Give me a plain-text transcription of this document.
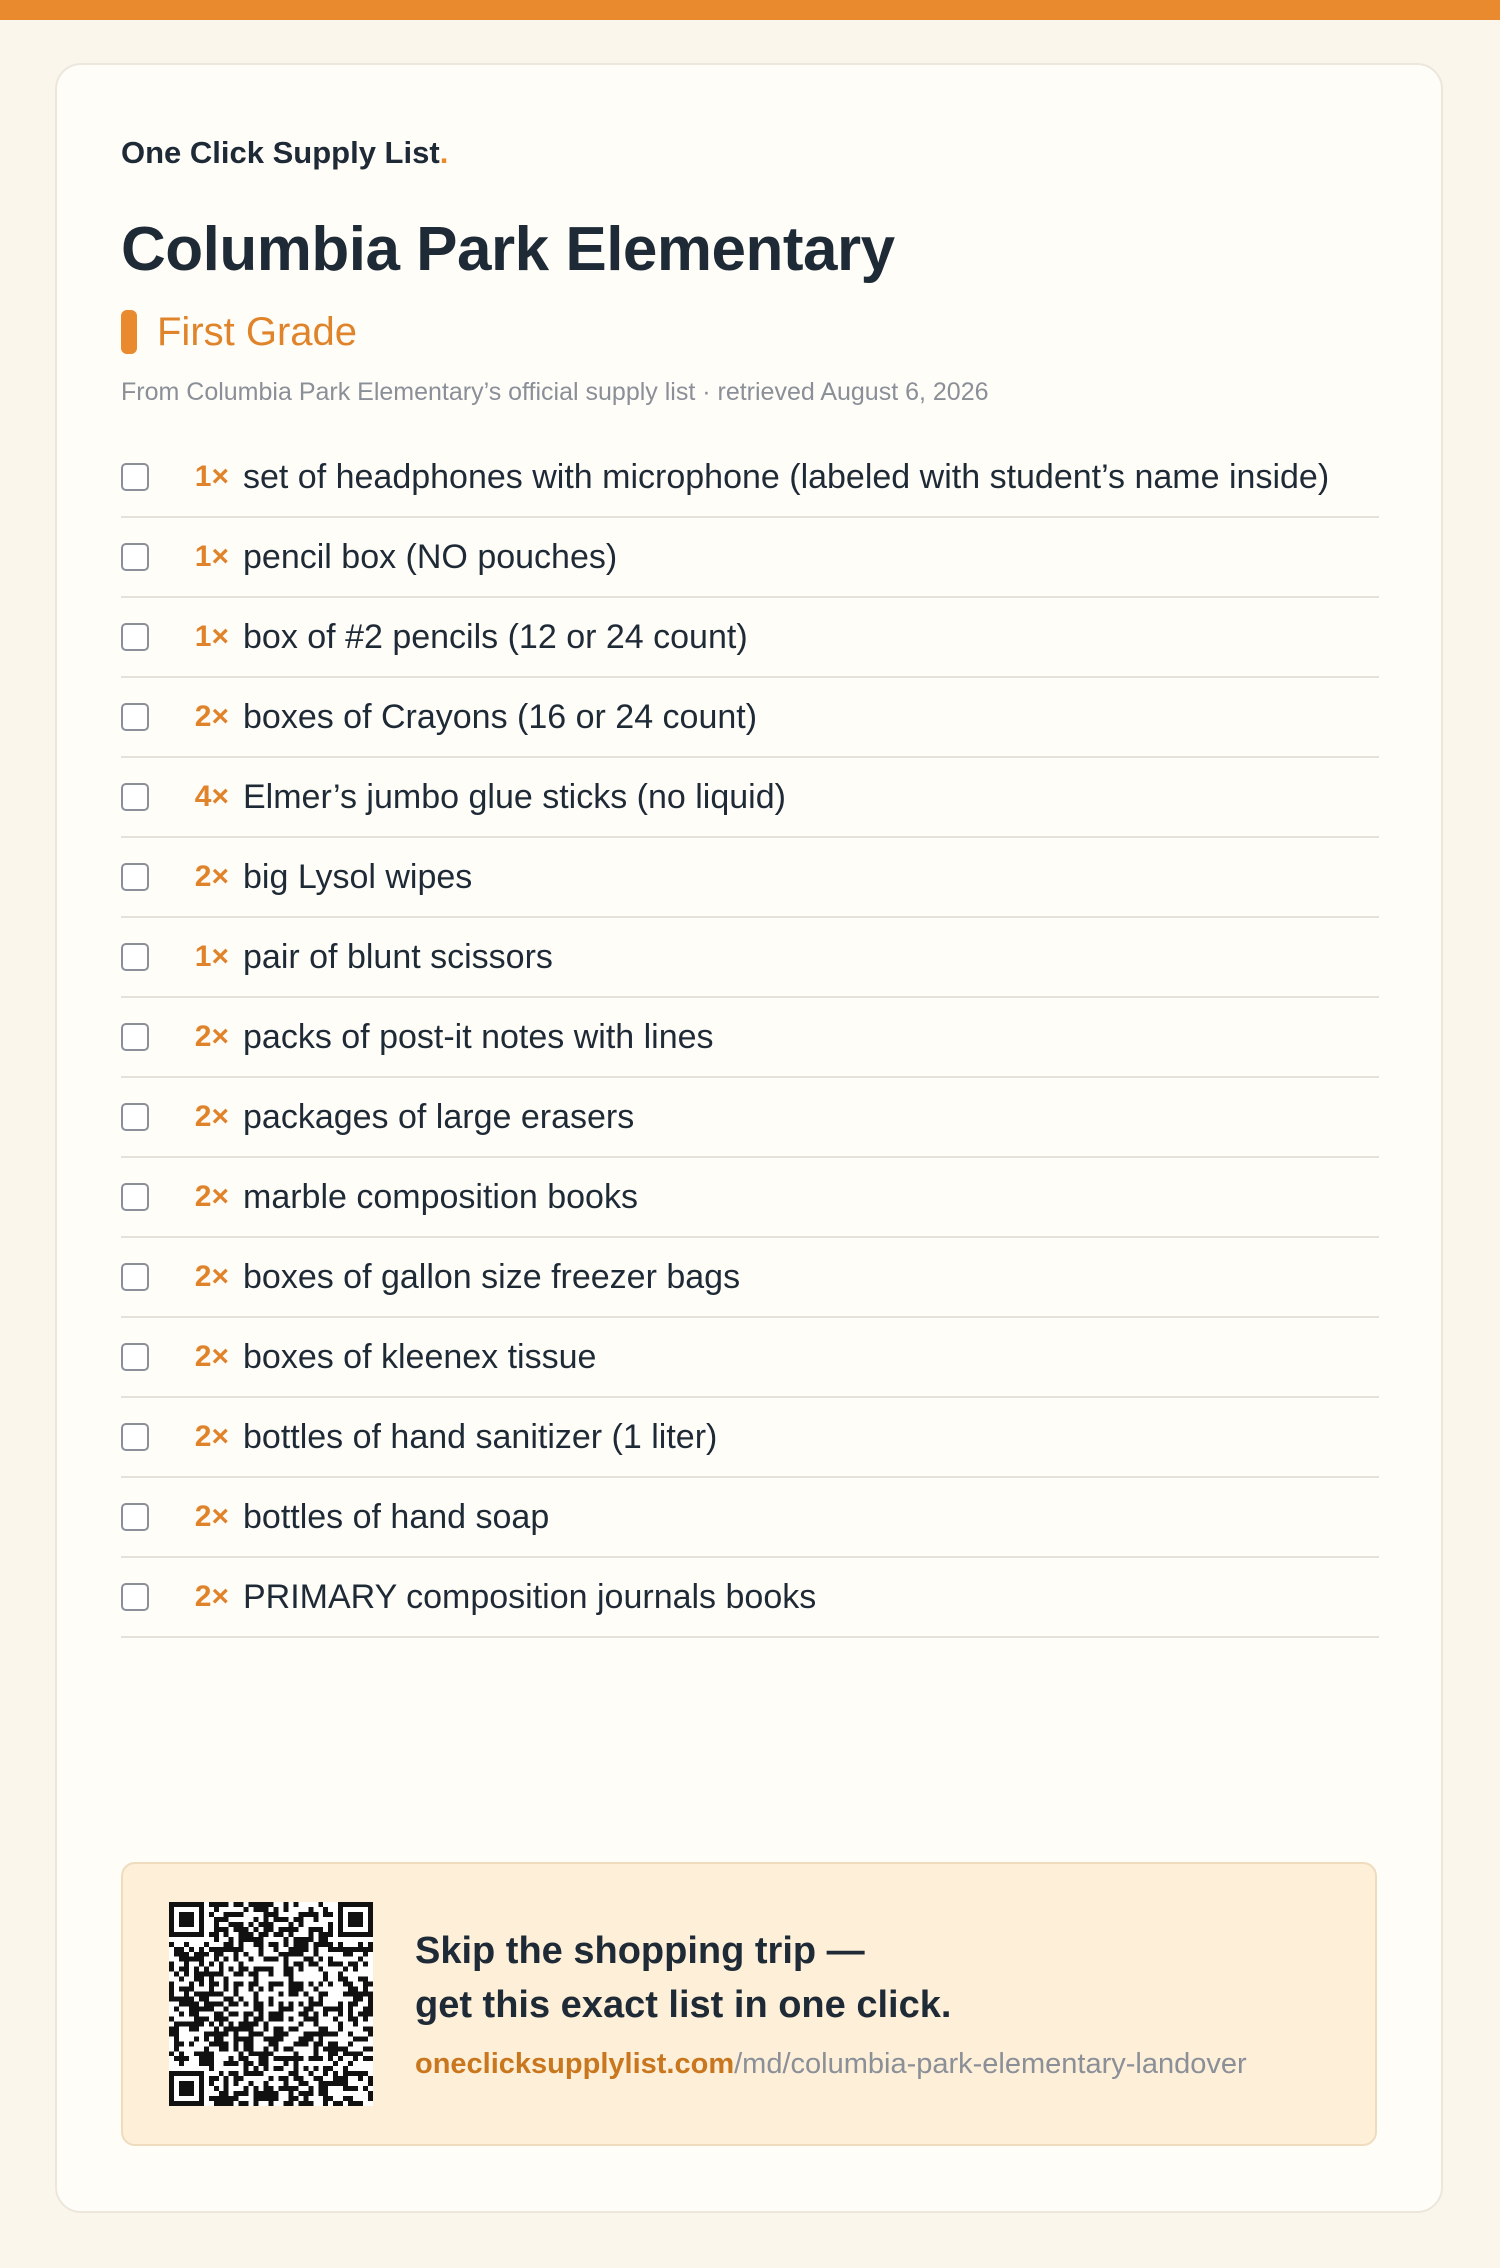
One Click Supply List.
Columbia Park Elementary
First Grade
From Columbia Park Elementary’s official supply list · retrieved August 6, 2026
1× set of headphones with microphone (labeled with student’s name inside)
1× pencil box (NO pouches)
1× box of #2 pencils (12 or 24 count)
2× boxes of Crayons (16 or 24 count)
4× Elmer’s jumbo glue sticks (no liquid)
2× big Lysol wipes
1× pair of blunt scissors
2× packs of post-it notes with lines
2× packages of large erasers
2× marble composition books
2× boxes of gallon size freezer bags
2× boxes of kleenex tissue
2× bottles of hand sanitizer (1 liter)
2× bottles of hand soap
2× PRIMARY composition journals books
Skip the shopping trip —
get this exact list in one click.
oneclicksupplylist.com/md/columbia-park-elementary-landover
